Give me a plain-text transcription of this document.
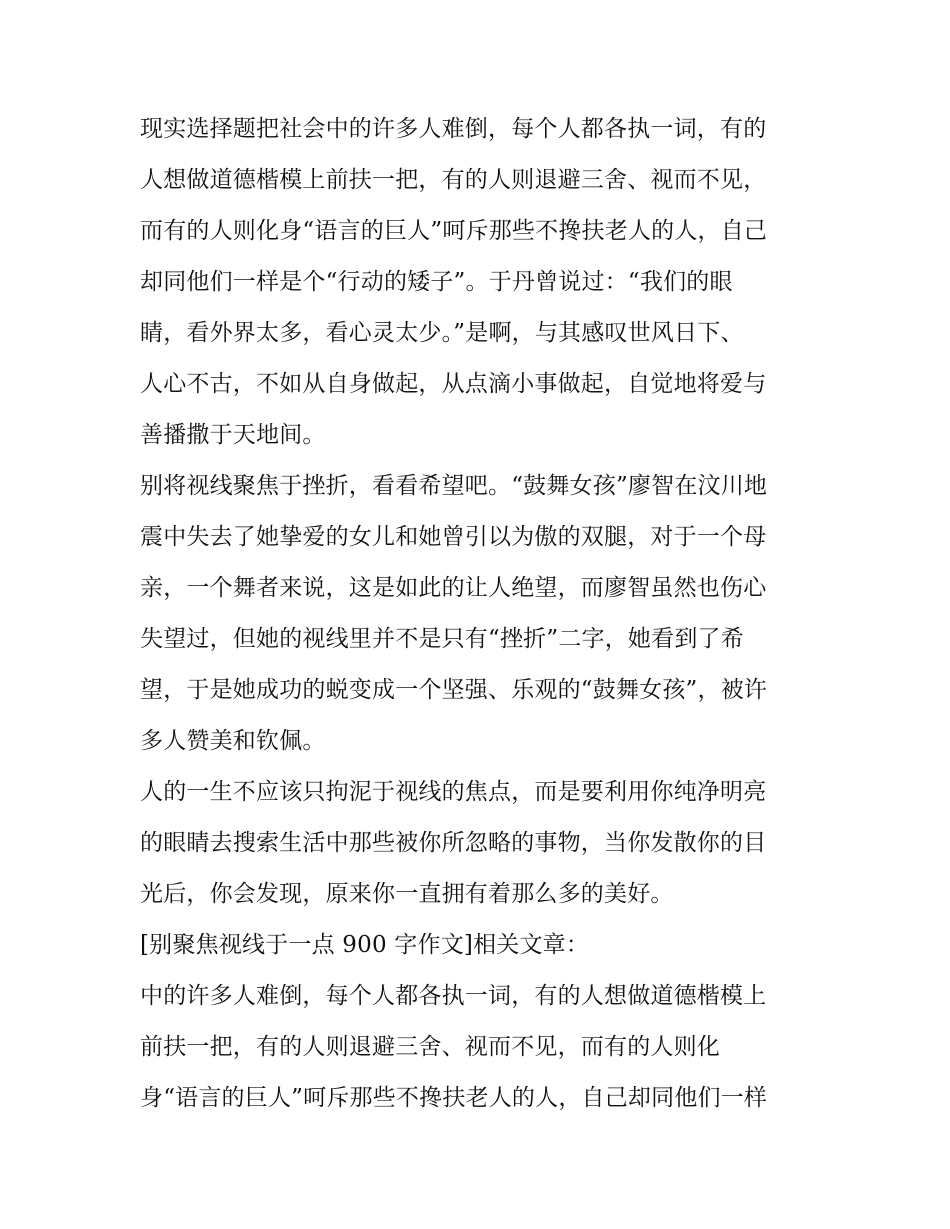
现实选择题把社会中的许多人难倒，每个人都各执一词，有的
人想做道德楷模上前扶一把，有的人则退避三舍、视而不见，
而有的人则化身“语言的巨人”呵斥那些不搀扶老人的人，自己
却同他们一样是个“行动的矮子”。于丹曾说过：“我们的眼
睛，看外界太多，看心灵太少。”是啊，与其感叹世风日下、
人心不古，不如从自身做起，从点滴小事做起，自觉地将爱与
善播撒于天地间。
别将视线聚焦于挫折，看看希望吧。“鼓舞女孩”廖智在汶川地
震中失去了她挚爱的女儿和她曾引以为傲的双腿，对于一个母
亲，一个舞者来说，这是如此的让人绝望，而廖智虽然也伤心
失望过，但她的视线里并不是只有“挫折”二字，她看到了希
望，于是她成功的蜕变成一个坚强、乐观的“鼓舞女孩”，被许
多人赞美和钦佩。
人的一生不应该只拘泥于视线的焦点，而是要利用你纯净明亮
的眼睛去搜索生活中那些被你所忽略的事物，当你发散你的目
光后，你会发现，原来你一直拥有着那么多的美好。
[别聚焦视线于一点 900 字作文]相关文章：
中的许多人难倒，每个人都各执一词，有的人想做道德楷模上
前扶一把，有的人则退避三舍、视而不见，而有的人则化
身“语言的巨人”呵斥那些不搀扶老人的人，自己却同他们一样
